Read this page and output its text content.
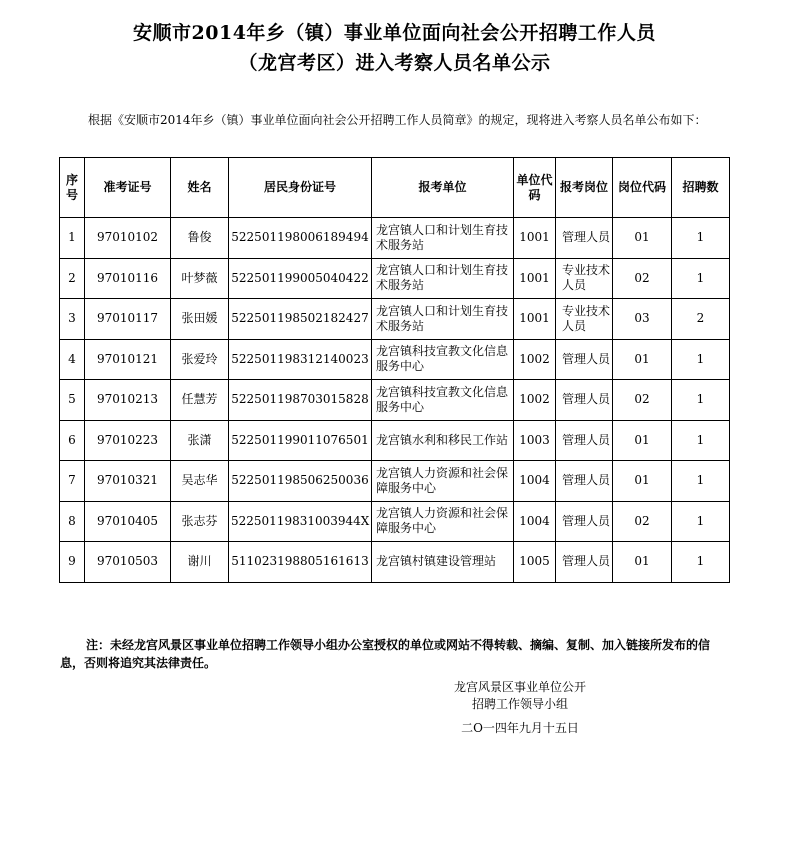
安顺市2014年乡（镇）事业单位面向社会公开招聘工作人员
（龙宫考区）进入考察人员名单公示
根据《安顺市2014年乡（镇）事业单位面向社会公开招聘工作人员简章》的规定，现将进入考察人员名单公布如下：
序号	准考证号	姓名	居民身份证号	报考单位	单位代码	报考岗位	岗位代码	招聘数
1	97010102	鲁俊	522501198006189494	龙宫镇人口和计划生育技术服务站	1001	管理人员	01	1
2	97010116	叶梦薇	522501199005040422	龙宫镇人口和计划生育技术服务站	1001	专业技术人员	02	1
3	97010117	张田媛	522501198502182427	龙宫镇人口和计划生育技术服务站	1001	专业技术人员	03	2
4	97010121	张爱玲	522501198312140023	龙宫镇科技宣教文化信息服务中心	1002	管理人员	01	1
5	97010213	任慧芳	522501198703015828	龙宫镇科技宣教文化信息服务中心	1002	管理人员	02	1
6	97010223	张潇	522501199011076501	龙宫镇水利和移民工作站	1003	管理人员	01	1
7	97010321	吴志华	522501198506250036	龙宫镇人力资源和社会保障服务中心	1004	管理人员	01	1
8	97010405	张志芬	52250119831003944X	龙宫镇人力资源和社会保障服务中心	1004	管理人员	02	1
9	97010503	谢川	511023198805161613	龙宫镇村镇建设管理站	1005	管理人员	01	1
注：未经龙宫风景区事业单位招聘工作领导小组办公室授权的单位或网站不得转载、摘编、复制、加入链接所发布的信息，否则将追究其法律责任。
龙宫风景区事业单位公开
招聘工作领导小组
二O一四年九月十五日
